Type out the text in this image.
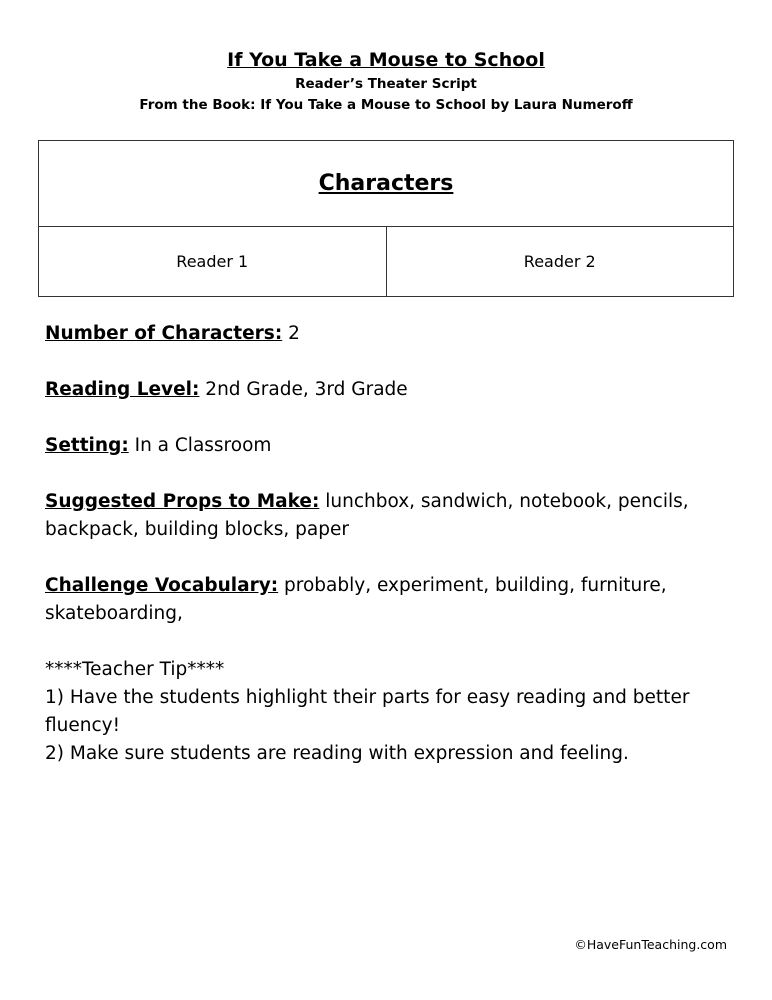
If You Take a Mouse to School

Reader’s Theater Script

From the Book: If You Take a Mouse to School by Laura Numeroff

Characters
Reader 1	Reader 2

Number of Characters: 2

Reading Level: 2nd Grade, 3rd Grade

Setting: In a Classroom

Suggested Props to Make: lunchbox, sandwich, notebook, pencils, backpack, building blocks, paper

Challenge Vocabulary: probably, experiment, building, furniture, skateboarding,

****Teacher Tip****

1) Have the students highlight their parts for easy reading and better fluency!

2) Make sure students are reading with expression and feeling.

©HaveFunTeaching.com
